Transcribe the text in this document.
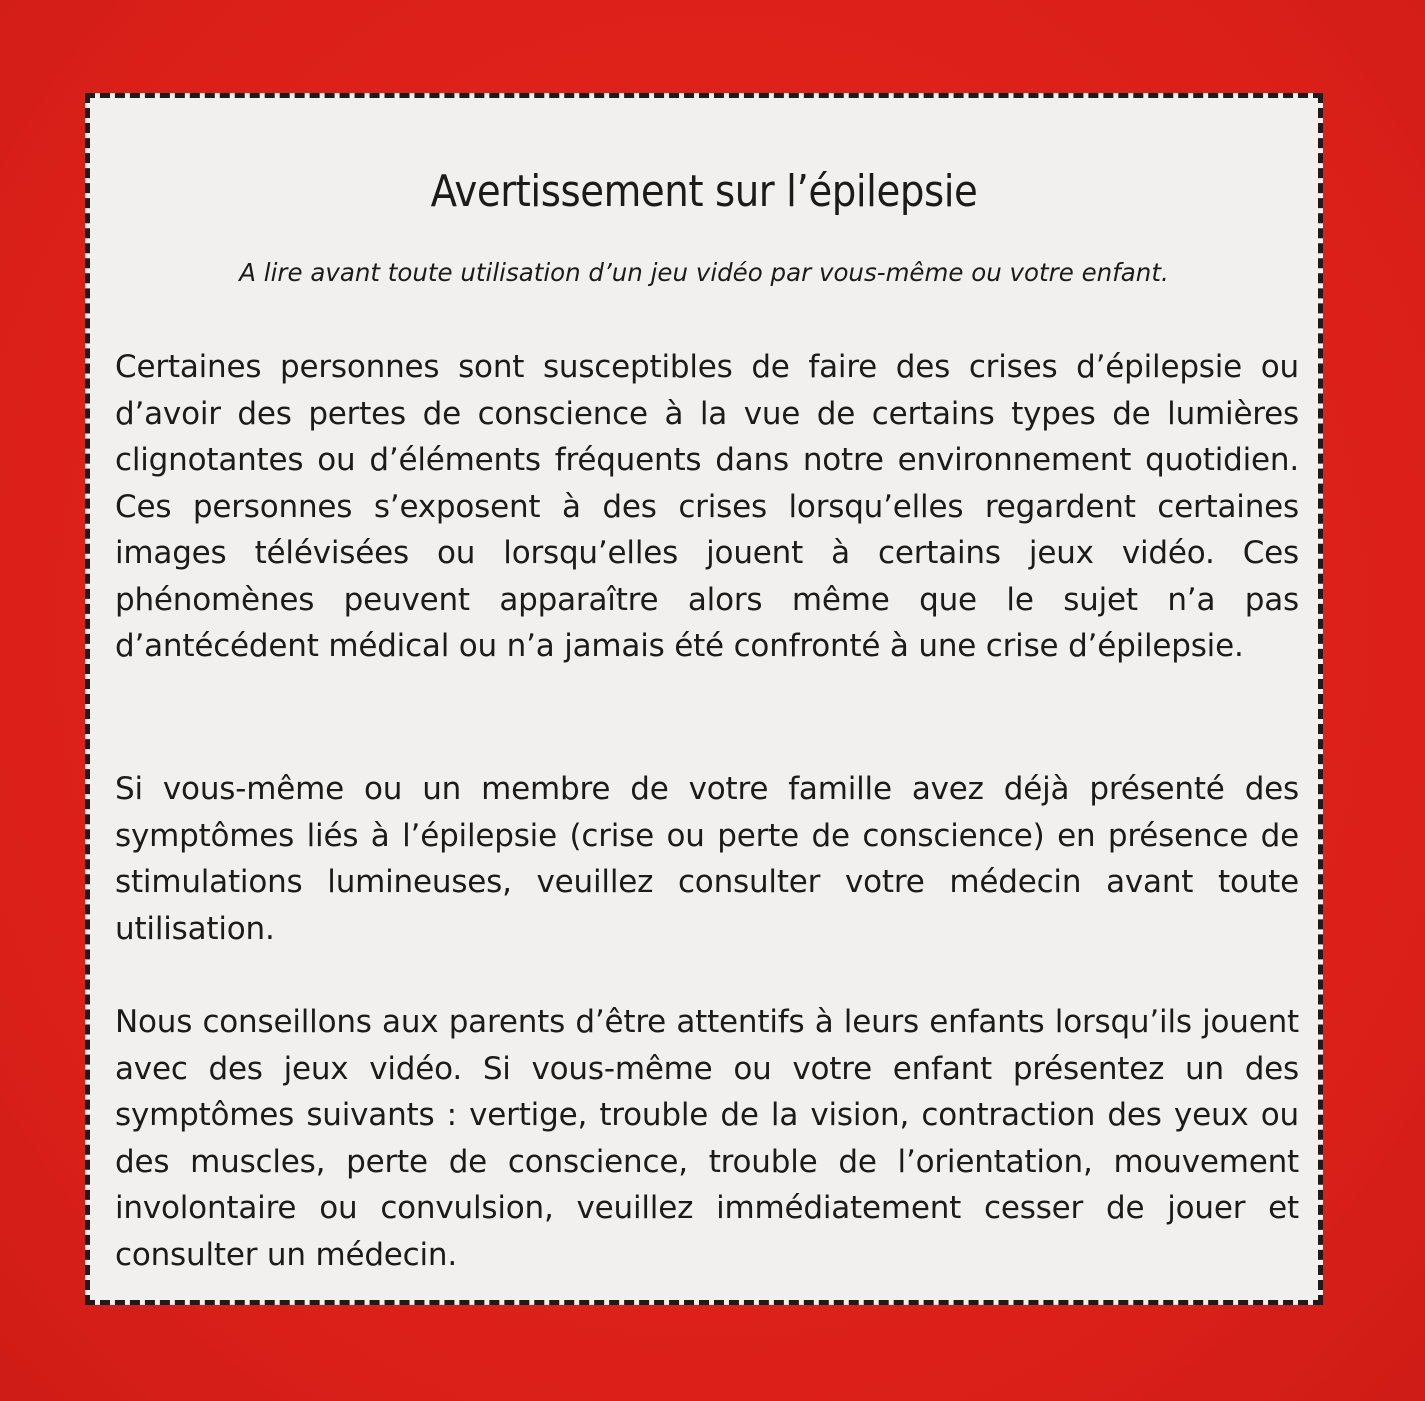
Avertissement sur l’épilepsie
A lire avant toute utilisation d’un jeu vidéo par vous-même ou votre enfant.
Certaines personnes sont susceptibles de faire des crises d’épilepsie ou d’avoir des pertes de conscience à la vue de certains types de lumières clignotantes ou d’éléments fréquents dans notre environnement quotidien. Ces personnes s’exposent à des crises lorsqu’elles regardent certaines images télévisées ou lorsqu’elles jouent à certains jeux vidéo. Ces phénomènes peuvent apparaître alors même que le sujet n’a pas d’antécédent médical ou n’a jamais été confronté à une crise d’épilepsie.
Si vous-même ou un membre de votre famille avez déjà présenté des symptômes liés à l’épilepsie (crise ou perte de conscience) en présence de stimulations lumineuses, veuillez consulter votre médecin avant toute utilisation.
Nous conseillons aux parents d’être attentifs à leurs enfants lorsqu’ils jouent avec des jeux vidéo. Si vous-même ou votre enfant présentez un des symptômes suivants : vertige, trouble de la vision, contraction des yeux ou des muscles, perte de conscience, trouble de l’orientation, mouvement involontaire ou convulsion, veuillez immédiatement cesser de jouer et consulter un médecin.
